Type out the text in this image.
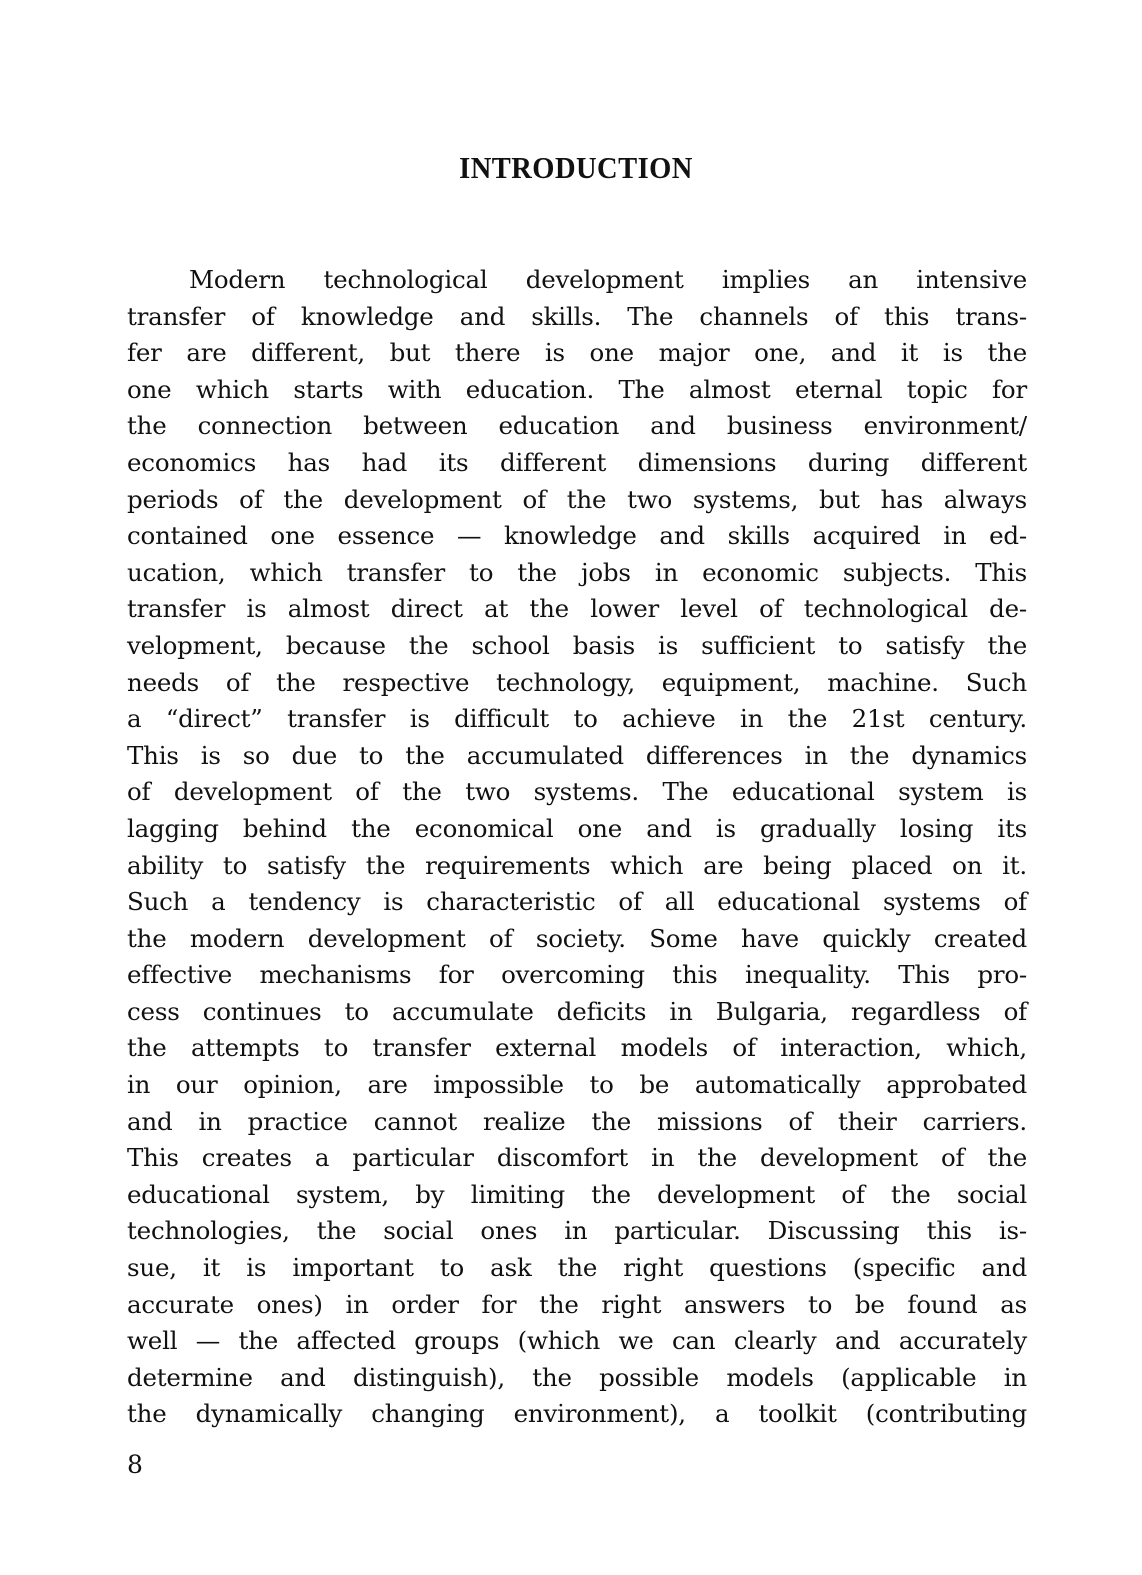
INTRODUCTION
Modern technological development implies an intensive
transfer of knowledge and skills. The channels of this trans-
fer are different, but there is one major one, and it is the
one which starts with education. The almost eternal topic for
the connection between education and business environment/
economics has had its different dimensions during different
periods of the development of the two systems, but has always
contained one essence — knowledge and skills acquired in ed-
ucation, which transfer to the jobs in economic subjects. This
transfer is almost direct at the lower level of technological de-
velopment, because the school basis is sufficient to satisfy the
needs of the respective technology, equipment, machine. Such
a “direct” transfer is difficult to achieve in the 21st century.
This is so due to the accumulated differences in the dynamics
of development of the two systems. The educational system is
lagging behind the economical one and is gradually losing its
ability to satisfy the requirements which are being placed on it.
Such a tendency is characteristic of all educational systems of
the modern development of society. Some have quickly created
effective mechanisms for overcoming this inequality. This pro-
cess continues to accumulate deficits in Bulgaria, regardless of
the attempts to transfer external models of interaction, which,
in our opinion, are impossible to be automatically approbated
and in practice cannot realize the missions of their carriers.
This creates a particular discomfort in the development of the
educational system, by limiting the development of the social
technologies, the social ones in particular. Discussing this is-
sue, it is important to ask the right questions (specific and
accurate ones) in order for the right answers to be found as
well — the affected groups (which we can clearly and accurately
determine and distinguish), the possible models (applicable in
the dynamically changing environment), a toolkit (contributing
8
